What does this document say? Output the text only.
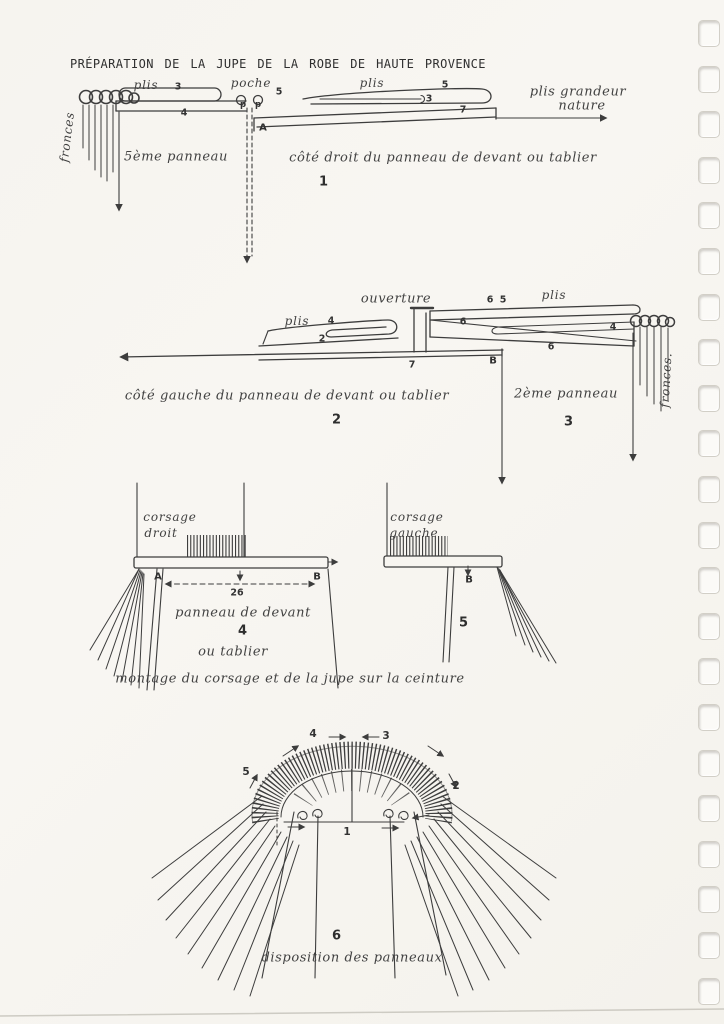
PRÉPARATION DE LA JUPE DE LA ROBE DE HAUTE PROVENCE
plis 3
4
poche
p p
5
plis	5
3
7
A
plis grandeur
nature
fronces	5ème panneau	côté droit du panneau de devant ou tablier
1
ouverture
plis 4
2
6 5	plis
6	4
6
7	B
côté gauche du panneau de devant ou tablier
2
2ème panneau
3
fronces.
corsage
droit
corsage
gauche
A	B
26
panneau de devant
4
ou tablier
B
5
montage du corsage et de la jupe sur la ceinture
4	3
5
2
1
6
disposition des panneaux
